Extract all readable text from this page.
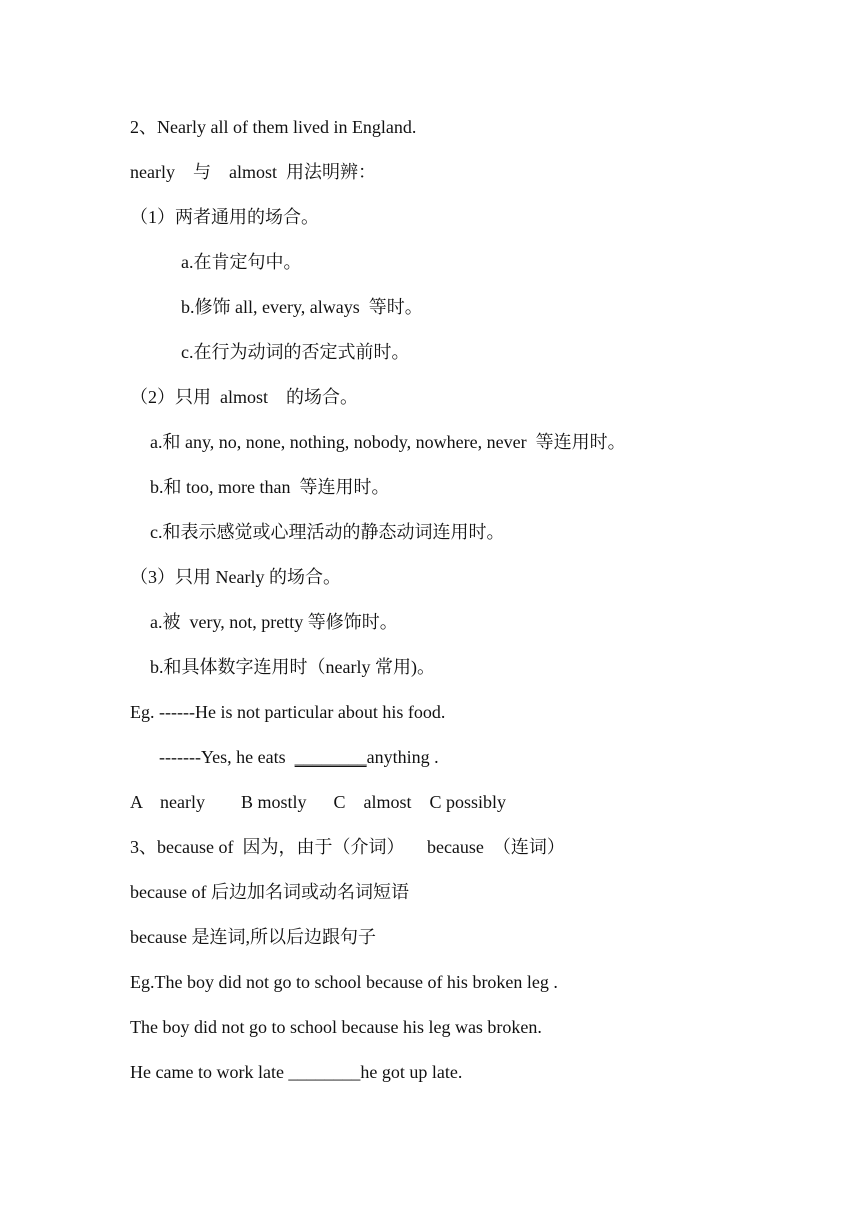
2、Nearly all of them lived in England.
nearly    与    almost  用法明辨：
（1）两者通用的场合。
a.在肯定句中。
b.修饰 all, every, always  等时。
c.在行为动词的否定式前时。
（2）只用  almost    的场合。
a.和 any, no, none, nothing, nobody, nowhere, never  等连用时。
b.和 too, more than  等连用时。
c.和表示感觉或心理活动的静态动词连用时。
（3）只用 Nearly 的场合。
a.被  very, not, pretty 等修饰时。
b.和具体数字连用时（nearly 常用)。
Eg. ------He is not particular about his food.
-------Yes, he eats  ________anything .
A    nearly        B mostly      C    almost    C possibly
3、because of  因为，由于（介词）     because  （连词）
because of 后边加名词或动名词短语
because 是连词,所以后边跟句子
Eg.The boy did not go to school because of his broken leg .
The boy did not go to school because his leg was broken.
He came to work late ________he got up late.
